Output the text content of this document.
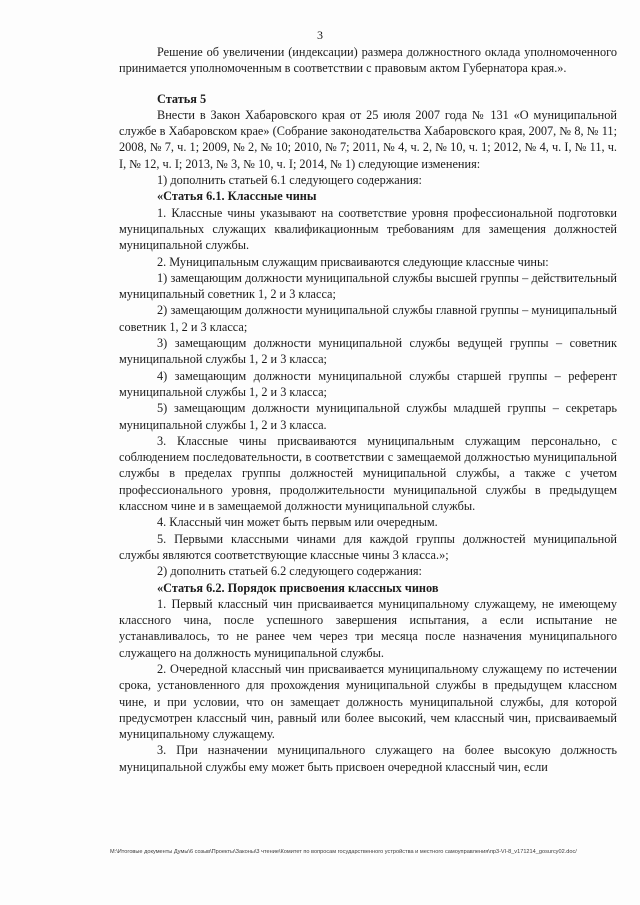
3

Решение об увеличении (индексации) размера должностного оклада уполномоченного принимается уполномоченным в соответствии с правовым актом Губернатора края.».

Статья 5

Внести в Закон Хабаровского края от 25 июля 2007 года № 131 «О муниципальной службе в Хабаровском крае» (Собрание законодательства Хабаровского края, 2007, № 8, № 11; 2008, № 7, ч. 1; 2009, № 2, № 10; 2010, № 7; 2011, № 4, ч. 2, № 10, ч. 1; 2012, № 4, ч. I, № 11, ч. I, № 12, ч. I; 2013, № 3, № 10, ч. I; 2014, № 1) следующие изменения:

1) дополнить статьей 6.1 следующего содержания:

«Статья 6.1. Классные чины

1. Классные чины указывают на соответствие уровня профессиональной подготовки муниципальных служащих квалификационным требованиям для замещения должностей муниципальной службы.

2. Муниципальным служащим присваиваются следующие классные чины:

1) замещающим должности муниципальной службы высшей группы – действительный муниципальный советник 1, 2 и 3 класса;

2) замещающим должности муниципальной службы главной группы – муниципальный советник 1, 2 и 3 класса;

3) замещающим должности муниципальной службы ведущей группы – советник муниципальной службы 1, 2 и 3 класса;

4) замещающим должности муниципальной службы старшей группы – референт муниципальной службы 1, 2 и 3 класса;

5) замещающим должности муниципальной службы младшей группы – секретарь муниципальной службы 1, 2 и 3 класса.

3. Классные чины присваиваются муниципальным служащим персонально, с соблюдением последовательности, в соответствии с замещаемой должностью муниципальной службы в пределах группы должностей муниципальной службы, а также с учетом профессионального уровня, продолжительности муниципальной службы в предыдущем классном чине и в замещаемой должности муниципальной службы.

4. Классный чин может быть первым или очередным.

5. Первыми классными чинами для каждой группы должностей муниципальной службы являются соответствующие классные чины 3 класса.»;

2) дополнить статьей 6.2 следующего содержания:

«Статья 6.2. Порядок присвоения классных чинов

1. Первый классный чин присваивается муниципальному служащему, не имеющему классного чина, после успешного завершения испытания, а если испытание не устанавливалось, то не ранее чем через три месяца после назначения муниципального служащего на должность муниципальной службы.

2. Очередной классный чин присваивается муниципальному служащему по истечении срока, установленного для прохождения муниципальной службы в предыдущем классном чине, и при условии, что он замещает должность муниципальной службы, для которой предусмотрен классный чин, равный или более высокий, чем классный чин, присваиваемый муниципальному служащему.

3. При назначении муниципального служащего на более высокую должность муниципальной службы ему может быть присвоен очередной классный чин, если

M:\Итоговые документы Думы\6 созыв\Проекты\Законы\3 чтение\Комитет по вопросам государственного устройства и местного самоуправления\пр3-VI-8_v171214_gosurcy02.doc/
